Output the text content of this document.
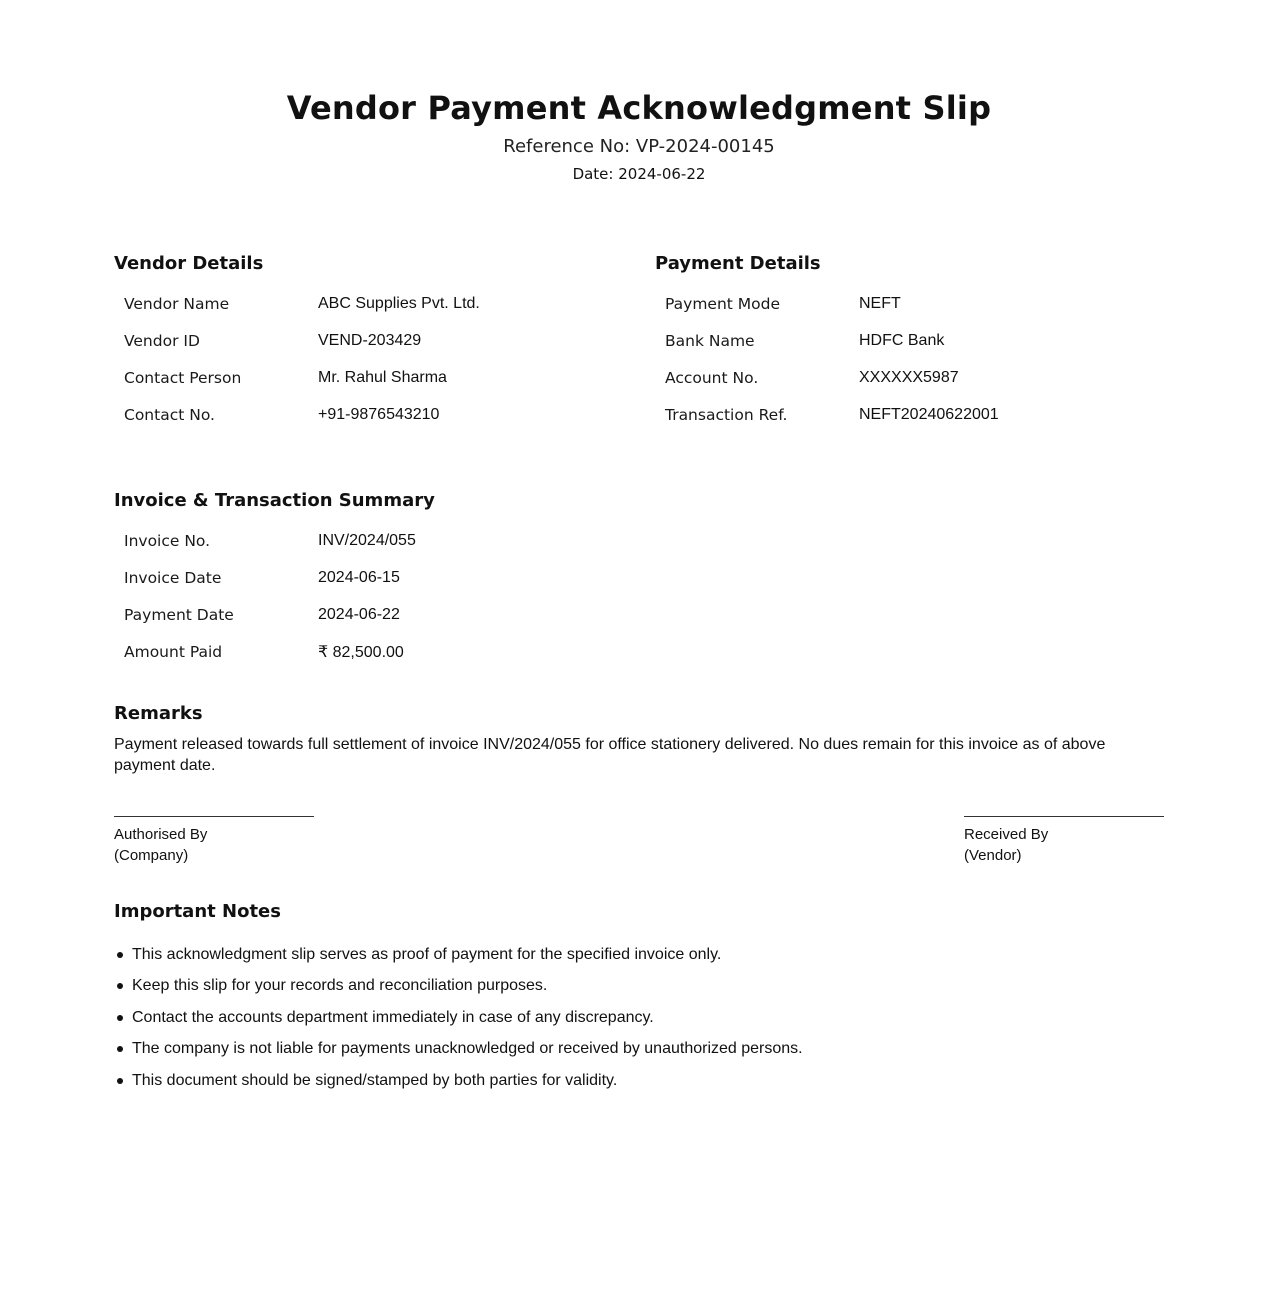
Vendor Payment Acknowledgment Slip
Reference No: VP-2024-00145
Date: 2024-06-22
Vendor Details
Vendor Name	ABC Supplies Pvt. Ltd.
Vendor ID	VEND-203429
Contact Person	Mr. Rahul Sharma
Contact No.	+91-9876543210
Payment Details
Payment Mode	NEFT
Bank Name	HDFC Bank
Account No.	XXXXXX5987
Transaction Ref.	NEFT20240622001
Invoice & Transaction Summary
Invoice No.	INV/2024/055
Invoice Date	2024-06-15
Payment Date	2024-06-22
Amount Paid	₹ 82,500.00
Remarks

Payment released towards full settlement of invoice INV/2024/055 for office stationery delivered. No dues remain for this invoice as of above payment date.

Authorised By
(Company)
Received By
(Vendor)
Important Notes
This acknowledgment slip serves as proof of payment for the specified invoice only.
Keep this slip for your records and reconciliation purposes.
Contact the accounts department immediately in case of any discrepancy.
The company is not liable for payments unacknowledged or received by unauthorized persons.
This document should be signed/stamped by both parties for validity.
